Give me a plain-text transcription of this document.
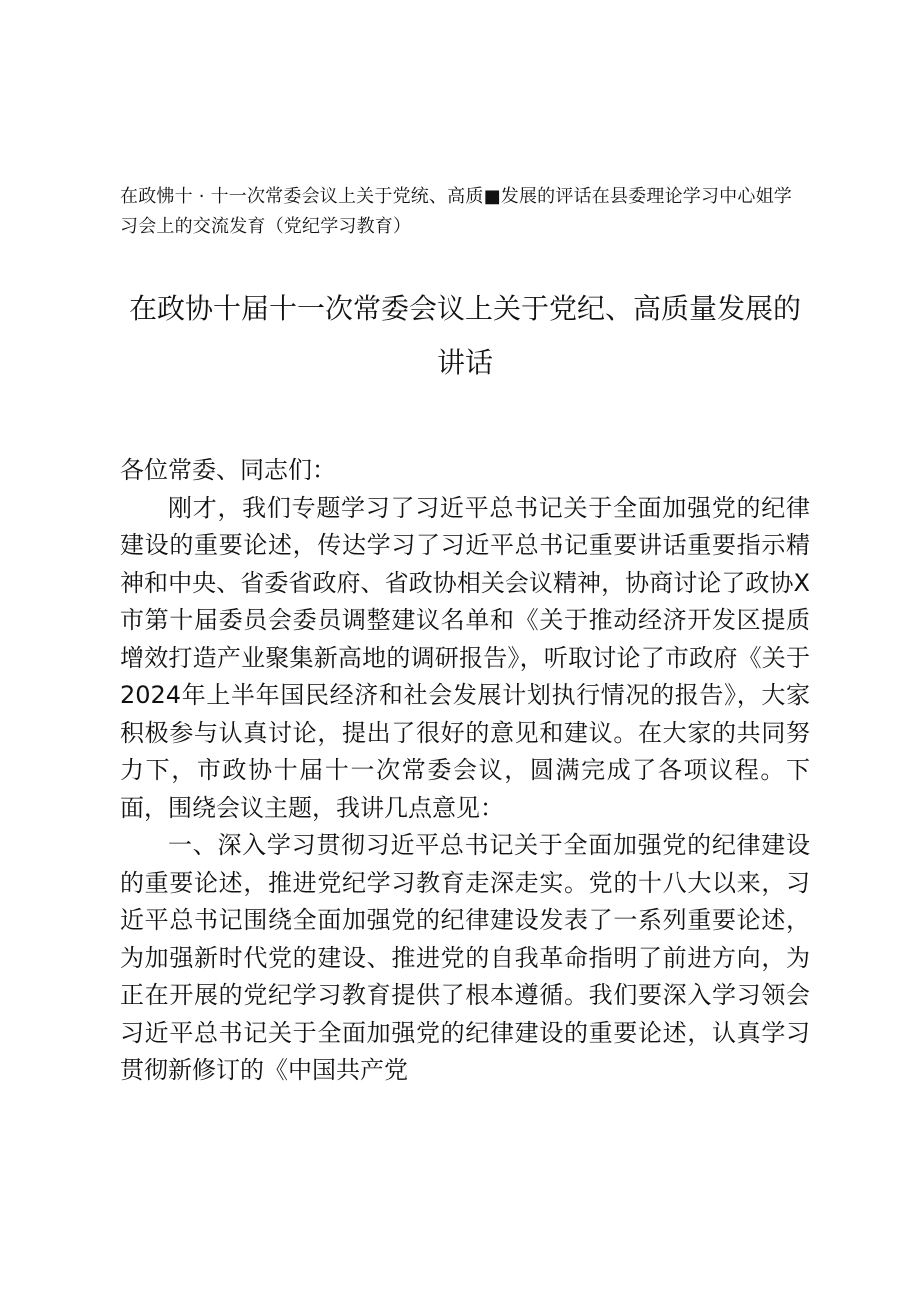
在政怫十 · 十一次常委会议上关于党统、高质■发展的评话在县委理论学习中心姐学习会上的交流发育（党纪学习教育）
在政协十届十一次常委会议上关于党纪、高质量发展的
讲话

各位常委、同志们：

刚才，我们专题学习了习近平总书记关于全面加强党的纪律建设的重要论述，传达学习了习近平总书记重要讲话重要指示精神和中央、省委省政府、省政协相关会议精神，协商讨论了政协X市第十届委员会委员调整建议名单和《关于推动经济开发区提质增效打造产业聚集新高地的调研报告》，听取讨论了市政府《关于2024年上半年国民经济和社会发展计划执行情况的报告》，大家积极参与认真讨论，提出了很好的意见和建议。在大家的共同努力下，市政协十届十一次常委会议，圆满完成了各项议程。下面，围绕会议主题，我讲几点意见：

一、深入学习贯彻习近平总书记关于全面加强党的纪律建设的重要论述，推进党纪学习教育走深走实。党的十八大以来，习近平总书记围绕全面加强党的纪律建设发表了一系列重要论述，为加强新时代党的建设、推进党的自我革命指明了前进方向，为正在开展的党纪学习教育提供了根本遵循。我们要深入学习领会习近平总书记关于全面加强党的纪律建设的重要论述，认真学习贯彻新修订的《中国共产党
